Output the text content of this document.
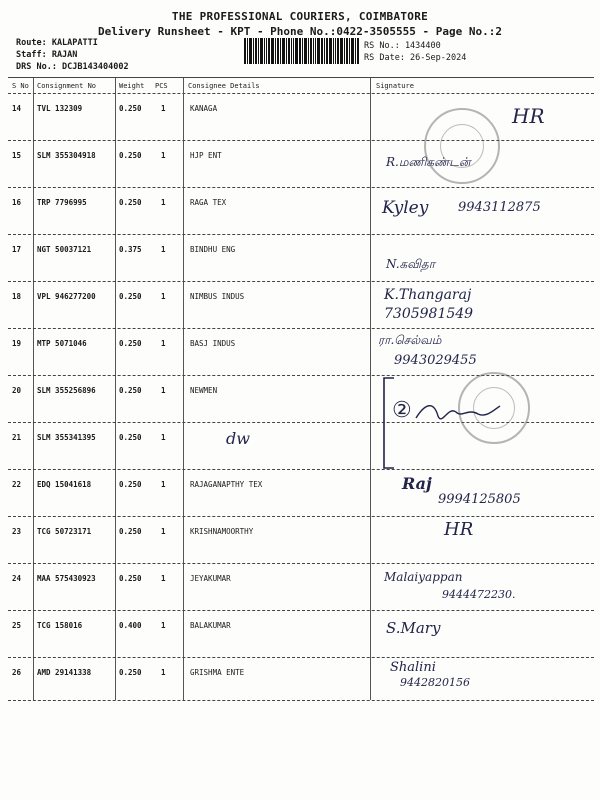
THE PROFESSIONAL COURIERS, COIMBATORE
Delivery Runsheet - KPT - Phone No.:0422-3505555 - Page No.:2
Route: KALAPATTI
Staff: RAJAN
DRS No.: DCJB143404002
RS No.: 1434400
RS Date: 26-Sep-2024
S No Consignment No	Weight PCS	Consignee Details	Signature
14 TVL 132309	0.250	1	KANAGA	HR
15 SLM 355304918	0.250	1	HJP ENT	R.மணிகண்டன்
16 TRP 7796995	0.250	1	RAGA TEX	Kyley 9943112875
17 NGT 50037121	0.375	1	BINDHU ENG
N.கவிதா
18 VPL 946277200	0.250	1	NIMBUS INDUS	K.Thangaraj
7305981549
19 MTP 5071046	0.250	1	BASJ INDUS	ரா.செல்வம்
9943029455
20 SLM 355256896	0.250	1	NEWMEN
21 SLM 355341395	0.250	1	dw
22 EDQ 15041618	0.250	1	RAJAGANAPTHY TEX	Raj
9994125805
23 TCG 50723171	0.250	1	KRISHNAMOORTHY	HR
24 MAA 575430923	0.250	1	JEYAKUMAR	Malaiyappan
9444472230.
25 TCG 158016	0.400	1	BALAKUMAR	S.Mary
26 AMD 29141338	0.250	1	GRISHMA ENTE	Shalini
9442820156
②
